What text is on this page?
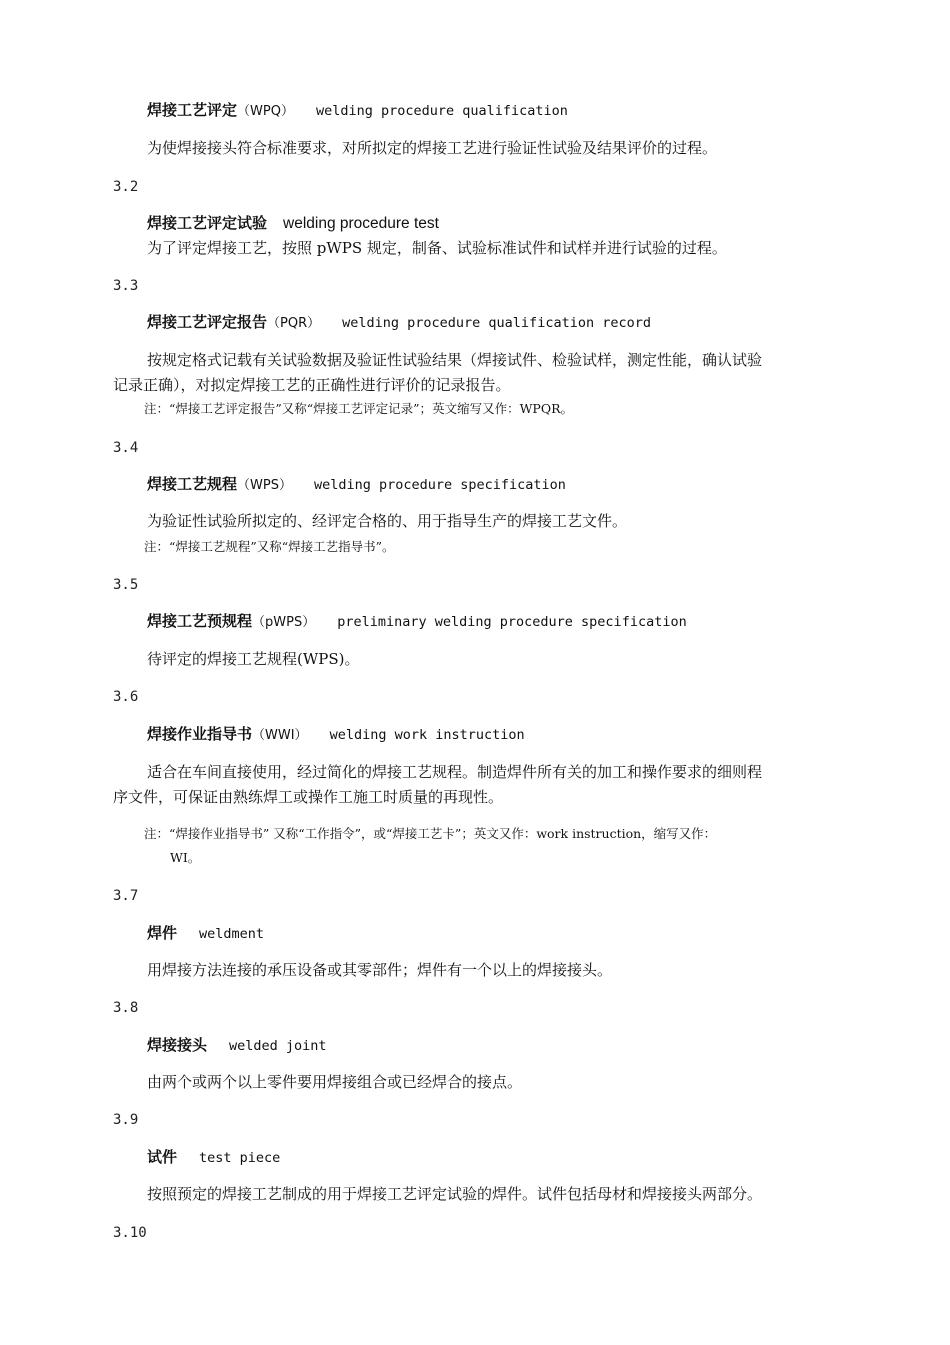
焊接工艺评定（WPQ） welding procedure qualification
为使焊接接头符合标准要求，对所拟定的焊接工艺进行验证性试验及结果评价的过程。
3.2
焊接工艺评定试验 welding procedure test
为了评定焊接工艺，按照 pWPS 规定，制备、试验标准试件和试样并进行试验的过程。
3.3
焊接工艺评定报告（PQR） welding procedure qualification record
按规定格式记载有关试验数据及验证性试验结果（焊接试件、检验试样，测定性能，确认试验
记录正确），对拟定焊接工艺的正确性进行评价的记录报告。
注：“焊接工艺评定报告”又称“焊接工艺评定记录”；英文缩写又作：WPQR。
3.4
焊接工艺规程（WPS） welding procedure specification
为验证性试验所拟定的、经评定合格的、用于指导生产的焊接工艺文件。
注：“焊接工艺规程”又称“焊接工艺指导书”。
3.5
焊接工艺预规程（pWPS） preliminary welding procedure specification
待评定的焊接工艺规程(WPS)。
3.6
焊接作业指导书（WWI） welding work instruction
适合在车间直接使用，经过简化的焊接工艺规程。制造焊件所有关的加工和操作要求的细则程
序文件，可保证由熟练焊工或操作工施工时质量的再现性。
注：“焊接作业指导书” 又称“工作指令”，或“焊接工艺卡”；英文又作：work instruction，缩写又作：
WI。
3.7
焊件 weldment
用焊接方法连接的承压设备或其零部件；焊件有一个以上的焊接接头。
3.8
焊接接头 welded joint
由两个或两个以上零件要用焊接组合或已经焊合的接点。
3.9
试件 test piece
按照预定的焊接工艺制成的用于焊接工艺评定试验的焊件。试件包括母材和焊接接头两部分。
3.10
